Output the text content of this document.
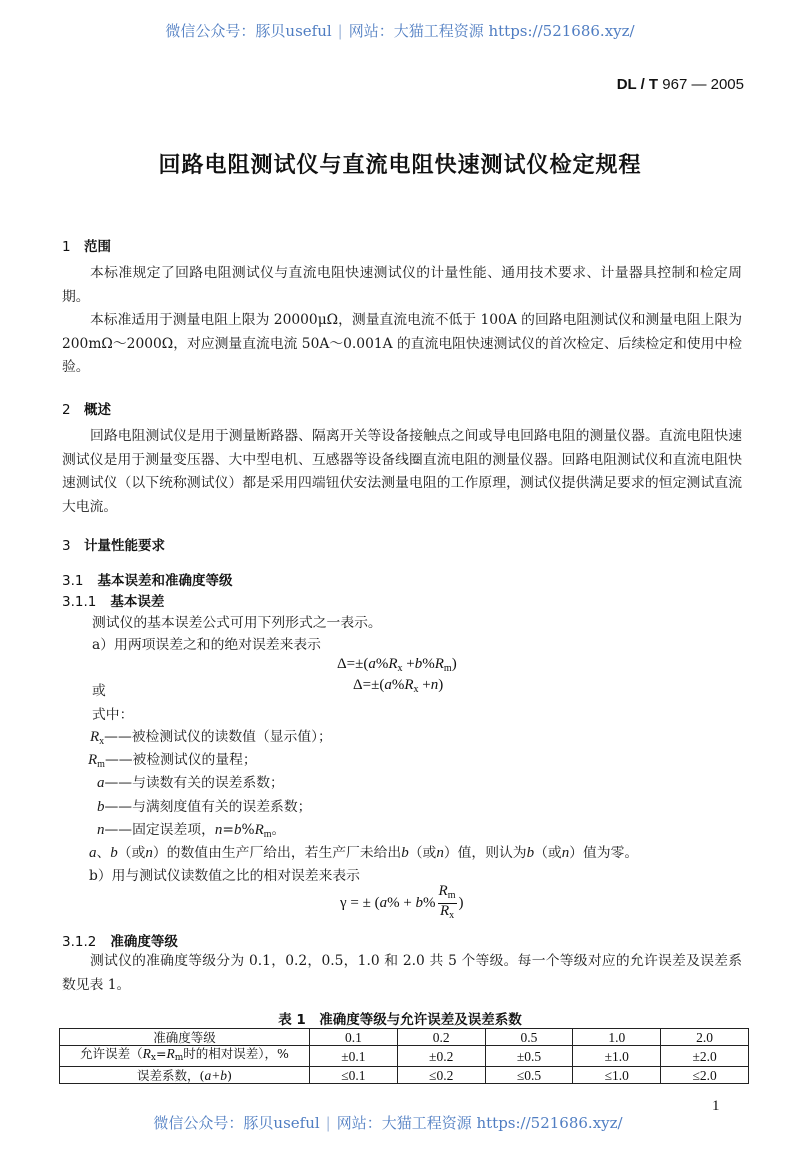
微信公众号：豚贝useful | 网站：大猫工程资源 https://521686.xyz/
DL / T 967 — 2005
回路电阻测试仪与直流电阻快速测试仪检定规程
1 范围
本标准规定了回路电阻测试仪与直流电阻快速测试仪的计量性能、通用技术要求、计量器具控制和检定周期。
本标准适用于测量电阻上限为 20000μΩ，测量直流电流不低于 100A 的回路电阻测试仪和测量电阻上限为 200mΩ～2000Ω，对应测量直流电流 50A～0.001A 的直流电阻快速测试仪的首次检定、后续检定和使用中检验。
2 概述
回路电阻测试仪是用于测量断路器、隔离开关等设备接触点之间或导电回路电阻的测量仪器。直流电阻快速测试仪是用于测量变压器、大中型电机、互感器等设备线圈直流电阻的测量仪器。回路电阻测试仪和直流电阻快速测试仪（以下统称测试仪）都是采用四端钮伏安法测量电阻的工作原理，测试仪提供满足要求的恒定测试直流大电流。
3 计量性能要求
3.1 基本误差和准确度等级
3.1.1 基本误差
测试仪的基本误差公式可用下列形式之一表示。
a）用两项误差之和的绝对误差来表示
$\Delta=\pm(a\%R_x +b\%R_m)$
或	$\Delta=\pm(a\%R_x +n)$
式中：
$R_x——$被检测试仪的读数值（显示值）；
$R_m——$被检测试仪的量程；
a——与读数有关的误差系数；
b——与满刻度值有关的误差系数；
n——固定误差项，$n=b\%R_m$。
a、b（或n）的数值由生产厂给出，若生产厂未给出b（或n）值，则认为b（或n）值为零。
b）用与测试仪读数值之比的相对误差来表示
γ = ± ($a\% + b\% \frac{R_m}{R_x}$ )
3.1.2 准确度等级
测试仪的准确度等级分为 0.1，0.2，0.5，1.0 和 2.0 共 5 个等级。每一个等级对应的允许误差及误差系数见表 1。
表 1　准确度等级与允许误差及误差系数
准确度等级	0.1	0.2	0.5	1.0	2.0
允许误差（$R_x=R_m$时的相对误差），%	±0.1	±0.2	±0.5	±1.0	±2.0
误差系数，(a+b)	≤0.1	≤0.2	≤0.5	≤1.0	≤2.0
1
微信公众号：豚贝useful | 网站：大猫工程资源 https://521686.xyz/
